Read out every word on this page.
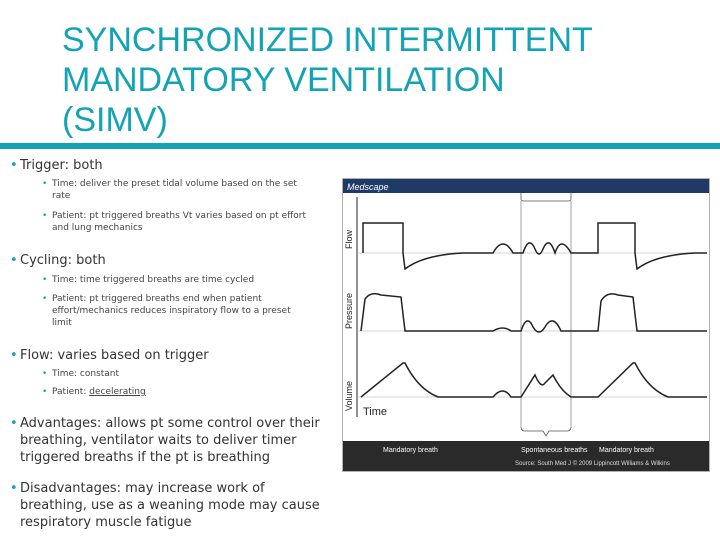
SYNCHRONIZED INTERMITTENT
MANDATORY VENTILATION
(SIMV)
• Trigger: both
• Time: deliver the preset tidal volume based on the set
rate
• Patient: pt triggered breaths Vt varies based on pt effort
and lung mechanics
• Cycling: both
• Time: time triggered breaths are time cycled
• Patient: pt triggered breaths end when patient
effort/mechanics reduces inspiratory flow to a preset
limit
• Flow: varies based on trigger
• Time: constant
• Patient: decelerating
• Advantages: allows pt some control over their
breathing, ventilator waits to deliver timer
triggered breaths if the pt is breathing
• Disadvantages: may increase work of
breathing, use as a weaning mode may cause
respiratory muscle fatigue
Medscape
Flow
Pressure
Volume
Time
Mandatory breath	Spontaneous breaths Mandatory breath
Source: South Med J © 2009 Lippincott Williams & Wilkins
